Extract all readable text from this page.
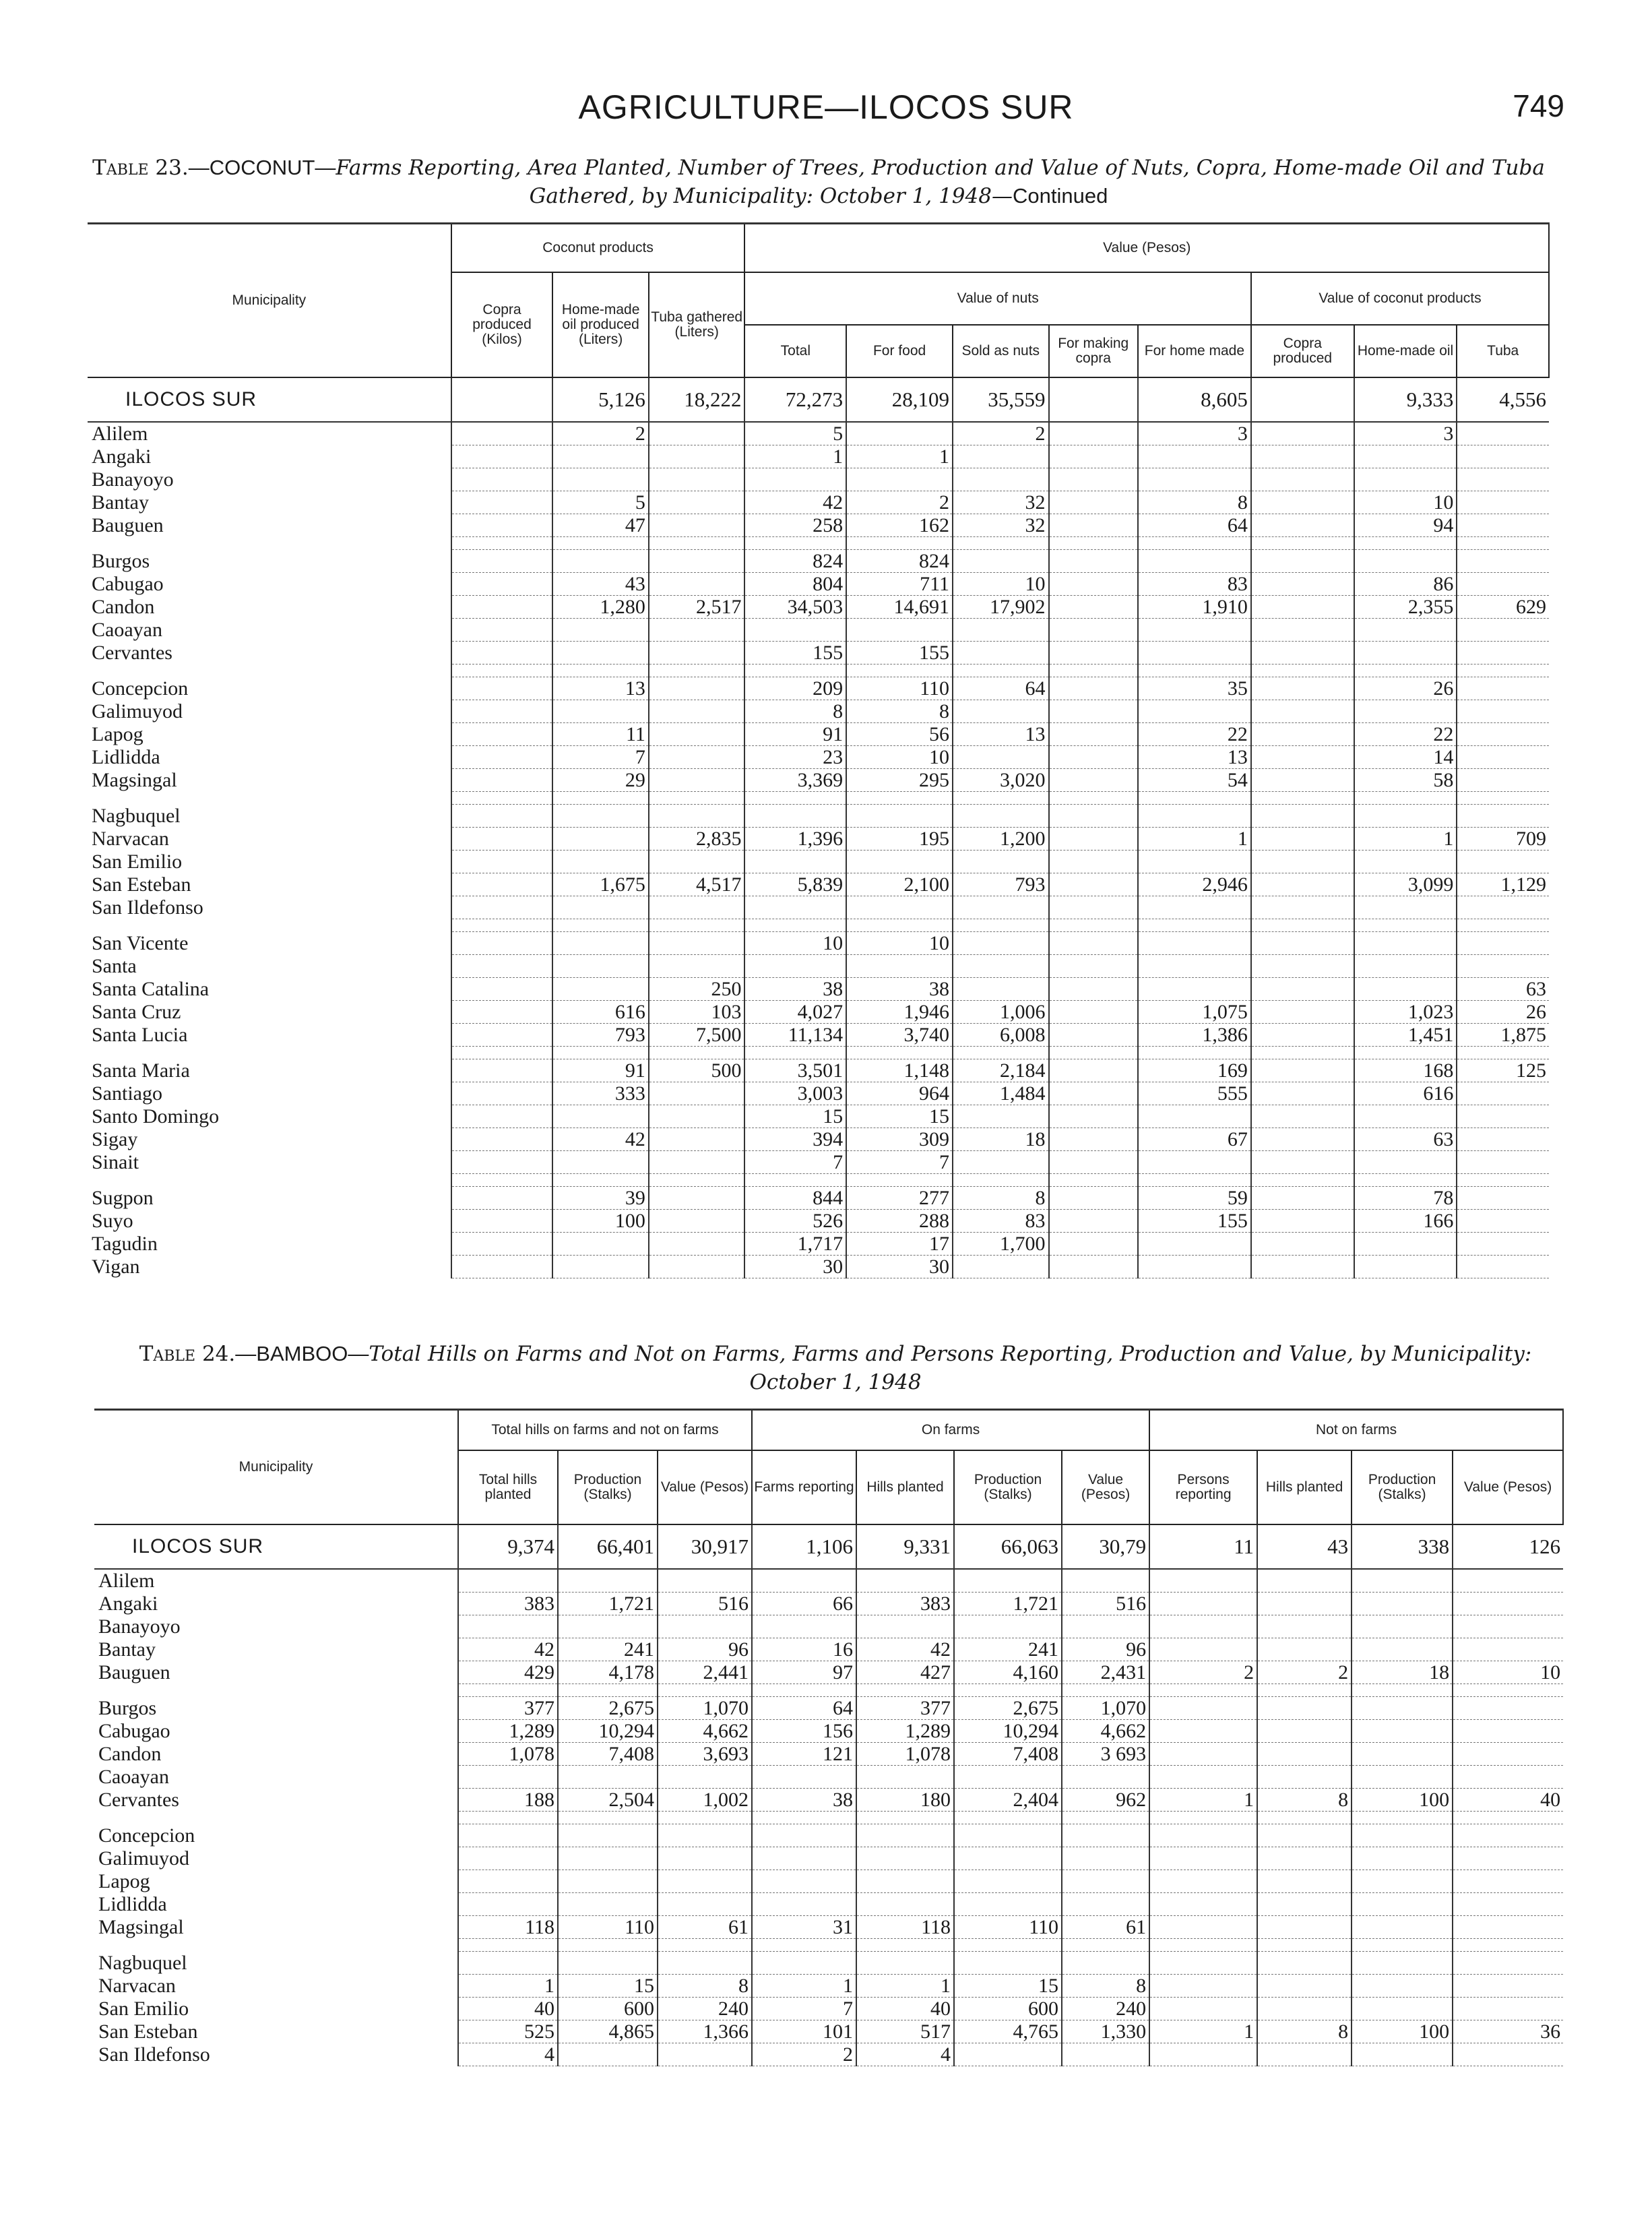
AGRICULTURE—ILOCOS SUR	749
Table 23.—COCONUT—Farms Reporting, Area Planted, Number of Trees, Production and Value of Nuts, Copra, Home-made Oil and Tuba Gathered, by Municipality: October 1, 1948—Continued
Municipality	Coconut products			Value (Pesos)							
	Copra produced (Kilos)	Home-made oil produced (Liters)	Tuba gathered (Liters)	Value of nuts					Value of coconut products		
				Total	For food	Sold as nuts	For making copra	For home made	Copra produced	Home-made oil	Tuba
ILOCOS SUR		5,126	18,222	72,273	28,109	35,559		8,605		9,333	4,556
Alilem		2		5		2		3		3	
Angaki				1	1						
Banayoyo											
Bantay		5		42	2	32		8		10	
Bauguen		47		258	162	32		64		94	

Burgos				824	824						
Cabugao		43		804	711	10		83		86	
Candon		1,280	2,517	34,503	14,691	17,902		1,910		2,355	629
Caoayan											
Cervantes				155	155						

Concepcion		13		209	110	64		35		26	
Galimuyod				8	8						
Lapog		11		91	56	13		22		22	
Lidlidda		7		23	10			13		14	
Magsingal		29		3,369	295	3,020		54		58	

Nagbuquel											
Narvacan			2,835	1,396	195	1,200		1		1	709
San Emilio											
San Esteban		1,675	4,517	5,839	2,100	793		2,946		3,099	1,129
San Ildefonso											

San Vicente				10	10						
Santa											
Santa Catalina			250	38	38						63
Santa Cruz		616	103	4,027	1,946	1,006		1,075		1,023	26
Santa Lucia		793	7,500	11,134	3,740	6,008		1,386		1,451	1,875

Santa Maria		91	500	3,501	1,148	2,184		169		168	125
Santiago		333		3,003	964	1,484		555		616	
Santo Domingo				15	15						
Sigay		42		394	309	18		67		63	
Sinait				7	7						

Sugpon		39		844	277	8		59		78	
Suyo		100		526	288	83		155		166	
Tagudin				1,717	17	1,700					
Vigan				30	30						
Table 24.—BAMBOO—Total Hills on Farms and Not on Farms, Farms and Persons Reporting, Production and Value, by Municipality: October 1, 1948
Municipality	Total hills on farms and not on farms			On farms				Not on farms			
	Total hills planted	Production (Stalks)	Value (Pesos)	Farms reporting	Hills planted	Production (Stalks)	Value (Pesos)	Persons reporting	Hills planted	Production (Stalks)	Value (Pesos)
ILOCOS SUR	9,374	66,401	30,917	1,106	9,331	66,063	30,79	11	43	338	126
Alilem											
Angaki	383	1,721	516	66	383	1,721	516				
Banayoyo											
Bantay	42	241	96	16	42	241	96				
Bauguen	429	4,178	2,441	97	427	4,160	2,431	2	2	18	10

Burgos	377	2,675	1,070	64	377	2,675	1,070				
Cabugao	1,289	10,294	4,662	156	1,289	10,294	4,662				
Candon	1,078	7,408	3,693	121	1,078	7,408	3 693				
Caoayan											
Cervantes	188	2,504	1,002	38	180	2,404	962	1	8	100	40

Concepcion											
Galimuyod											
Lapog											
Lidlidda											
Magsingal	118	110	61	31	118	110	61				

Nagbuquel											
Narvacan	1	15	8	1	1	15	8				
San Emilio	40	600	240	7	40	600	240				
San Esteban	525	4,865	1,366	101	517	4,765	1,330	1	8	100	36
San Ildefonso	4			2	4						
